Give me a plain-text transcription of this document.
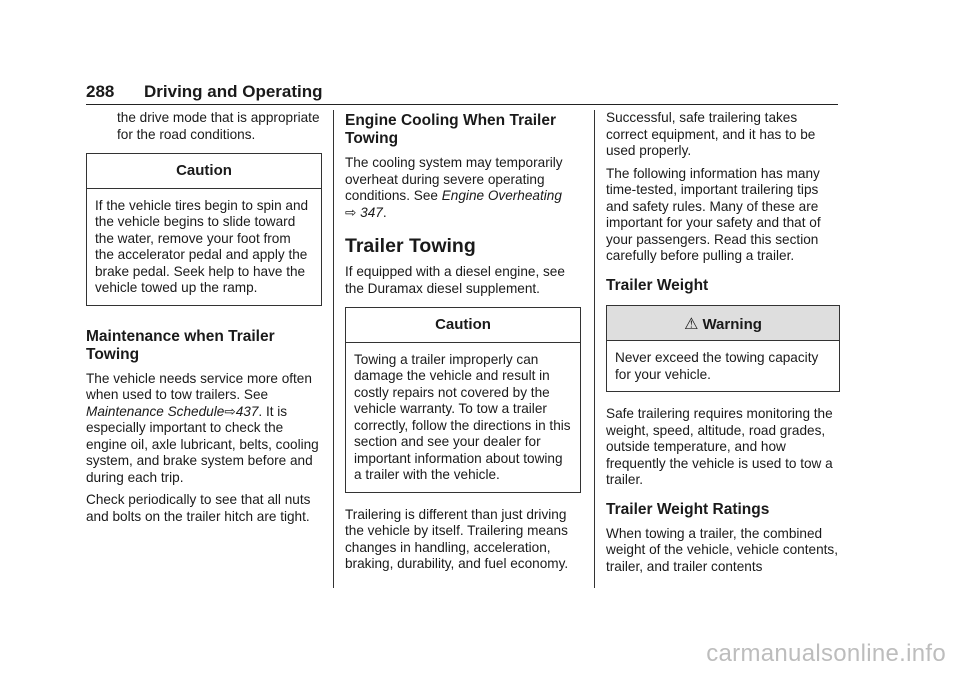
288 Driving and Operating

the drive mode that is appropriate for the road conditions.

Caution
If the vehicle tires begin to spin and the vehicle begins to slide toward the water, remove your foot from the accelerator pedal and apply the brake pedal. Seek help to have the vehicle towed up the ramp.
Maintenance when Trailer Towing

The vehicle needs service more often when used to tow trailers. See Maintenance Schedule⇨437. It is especially important to check the engine oil, axle lubricant, belts, cooling system, and brake system before and during each trip.

Check periodically to see that all nuts and bolts on the trailer hitch are tight.

Engine Cooling When Trailer Towing

The cooling system may temporarily overheat during severe operating conditions. See Engine Overheating
⇨ 347.

Trailer Towing

If equipped with a diesel engine, see the Duramax diesel supplement.

Caution
Towing a trailer improperly can damage the vehicle and result in costly repairs not covered by the vehicle warranty. To tow a trailer correctly, follow the directions in this section and see your dealer for important information about towing a trailer with the vehicle.

Trailering is different than just driving the vehicle by itself. Trailering means changes in handling, acceleration, braking, durability, and fuel economy.

Successful, safe trailering takes correct equipment, and it has to be used properly.

The following information has many time-tested, important trailering tips and safety rules. Many of these are important for your safety and that of your passengers. Read this section carefully before pulling a trailer.

Trailer Weight
⚠ Warning
Never exceed the towing capacity for your vehicle.

Safe trailering requires monitoring the weight, speed, altitude, road grades, outside temperature, and how frequently the vehicle is used to tow a trailer.

Trailer Weight Ratings

When towing a trailer, the combined weight of the vehicle, vehicle contents, trailer, and trailer contents

carmanualsonline.info
